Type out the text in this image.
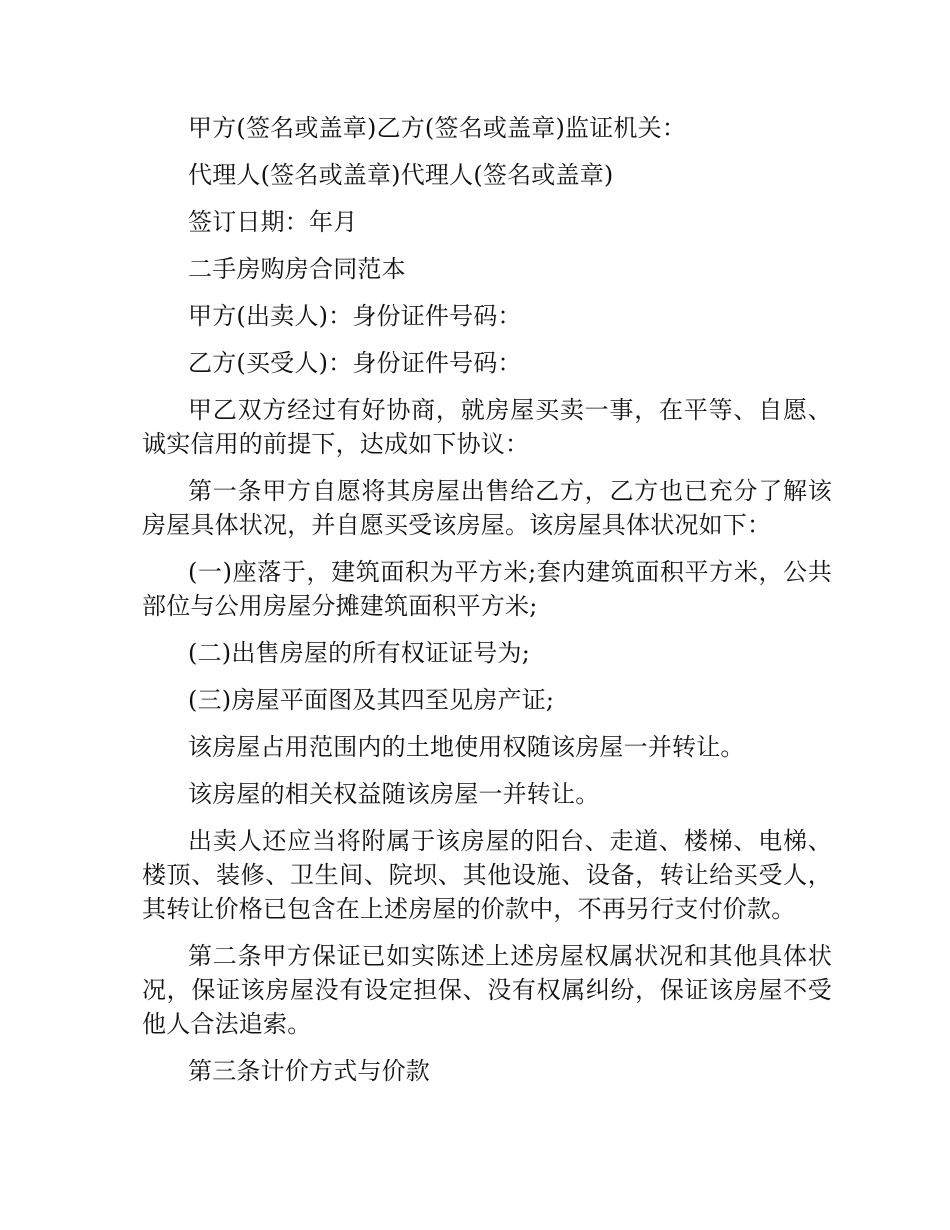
甲方(签名或盖章)乙方(签名或盖章)监证机关：

代理人(签名或盖章)代理人(签名或盖章)

签订日期：年月

二手房购房合同范本

甲方(出卖人)：身份证件号码：

乙方(买受人)：身份证件号码：

甲乙双方经过有好协商，就房屋买卖一事，在平等、自愿、诚实信用的前提下，达成如下协议：

第一条甲方自愿将其房屋出售给乙方，乙方也已充分了解该房屋具体状况，并自愿买受该房屋。该房屋具体状况如下：

(一)座落于，建筑面积为平方米;套内建筑面积平方米，公共部位与公用房屋分摊建筑面积平方米;

(二)出售房屋的所有权证证号为;

(三)房屋平面图及其四至见房产证;

该房屋占用范围内的土地使用权随该房屋一并转让。

该房屋的相关权益随该房屋一并转让。

出卖人还应当将附属于该房屋的阳台、走道、楼梯、电梯、楼顶、装修、卫生间、院坝、其他设施、设备，转让给买受人，其转让价格已包含在上述房屋的价款中，不再另行支付价款。

第二条甲方保证已如实陈述上述房屋权属状况和其他具体状况，保证该房屋没有设定担保、没有权属纠纷，保证该房屋不受他人合法追索。

第三条计价方式与价款
